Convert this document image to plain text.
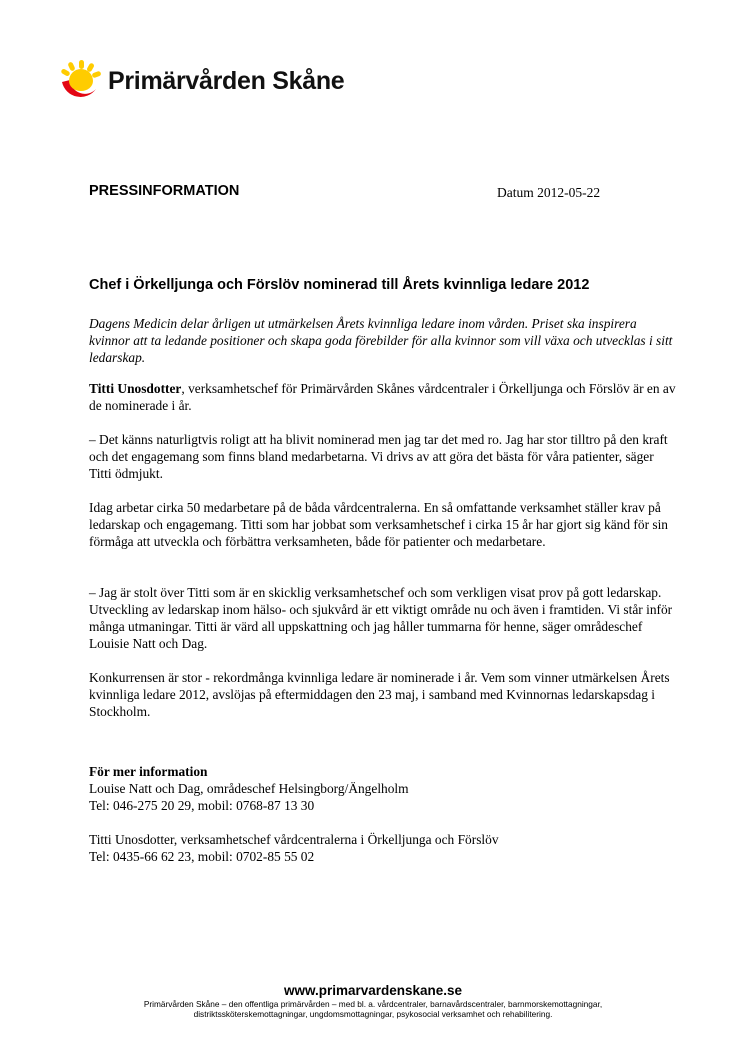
Primärvården Skåne
PRESSINFORMATION	Datum 2012-05-22
Chef i Örkelljunga och Förslöv nominerad till Årets kvinnliga ledare 2012

Dagens Medicin delar årligen ut utmärkelsen Årets kvinnliga ledare inom vården. Priset ska inspirera kvinnor att ta ledande positioner och skapa goda förebilder för alla kvinnor som vill växa och utvecklas i sitt ledarskap.

Titti Unosdotter, verksamhetschef för Primärvården Skånes vårdcentraler i Örkelljunga och Förslöv är en av de nominerade i år.

– Det känns naturligtvis roligt att ha blivit nominerad men jag tar det med ro. Jag har stor tilltro på den kraft och det engagemang som finns bland medarbetarna. Vi drivs av att göra det bästa för våra patienter, säger Titti ödmjukt.

Idag arbetar cirka 50 medarbetare på de båda vårdcentralerna. En så omfattande verksamhet ställer krav på ledarskap och engagemang. Titti som har jobbat som verksamhetschef i cirka 15 år har gjort sig känd för sin förmåga att utveckla och förbättra verksamheten, både för patienter och medarbetare.

– Jag är stolt över Titti som är en skicklig verksamhetschef och som verkligen visat prov på gott ledarskap. Utveckling av ledarskap inom hälso- och sjukvård är ett viktigt område nu och även i framtiden. Vi står inför många utmaningar. Titti är värd all uppskattning och jag håller tummarna för henne, säger områdeschef Louisie Natt och Dag.

Konkurrensen är stor - rekordmånga kvinnliga ledare är nominerade i år. Vem som vinner utmärkelsen Årets kvinnliga ledare 2012, avslöjas på eftermiddagen den 23 maj, i samband med Kvinnornas ledarskapsdag i Stockholm.

För mer information
Louise Natt och Dag, områdeschef Helsingborg/Ängelholm
Tel: 046-275 20 29, mobil: 0768-87 13 30
Titti Unosdotter, verksamhetschef vårdcentralerna i Örkelljunga och Förslöv
Tel: 0435-66 62 23, mobil: 0702-85 55 02
www.primarvardenskane.se
Primärvården Skåne – den offentliga primärvården – med bl. a. vårdcentraler, barnavårdscentraler, barnmorskemottagningar,
distriktssköterskemottagningar, ungdomsmottagningar, psykosocial verksamhet och rehabilitering.
